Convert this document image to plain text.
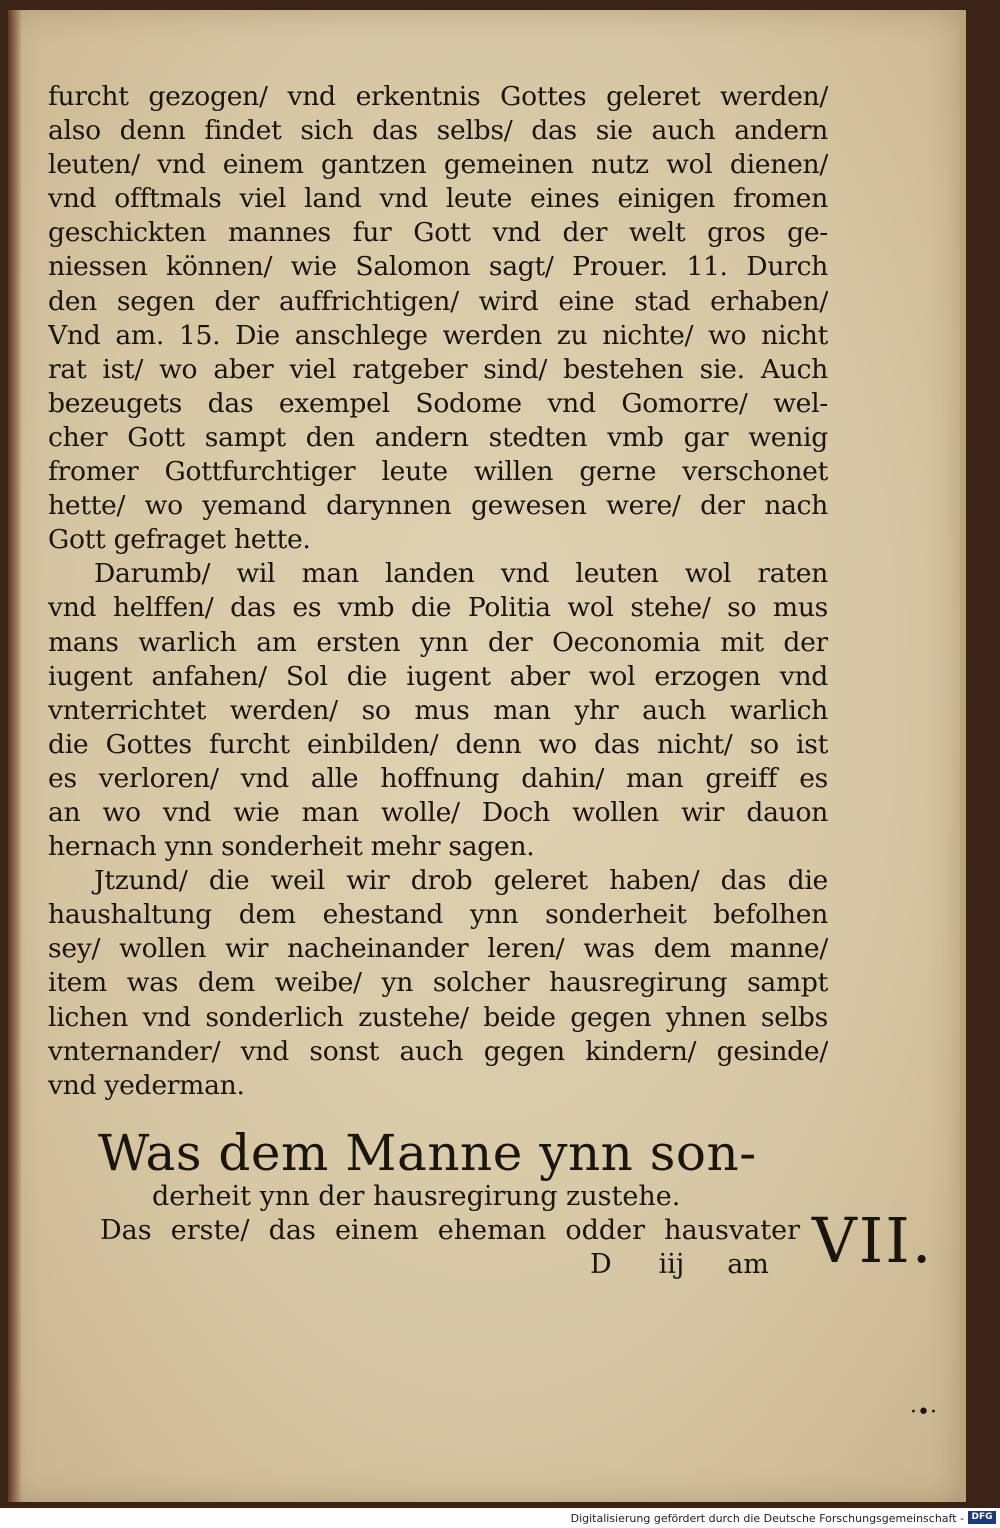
furcht gezogen/ vnd erkentnis Gottes geleret werden/
also denn findet sich das selbs/ das sie auch andern
leuten/ vnd einem gantzen gemeinen nutz wol dienen/
vnd offtmals viel land vnd leute eines einigen fromen
geschickten mannes fur Gott vnd der welt gros ge-
niessen können/ wie Salomon sagt/ Prouer. 11. Durch
den segen der auffrichtigen/ wird eine stad erhaben/
Vnd am. 15. Die anschlege werden zu nichte/ wo nicht
rat ist/ wo aber viel ratgeber sind/ bestehen sie. Auch
bezeugets das exempel Sodome vnd Gomorre/ wel-
cher Gott sampt den andern stedten vmb gar wenig
fromer Gottfurchtiger leute willen gerne verschonet
hette/ wo yemand darynnen gewesen were/ der nach
Gott gefraget hette.
Darumb/ wil man landen vnd leuten wol raten
vnd helffen/ das es vmb die Politia wol stehe/ so mus
mans warlich am ersten ynn der Oeconomia mit der
iugent anfahen/ Sol die iugent aber wol erzogen vnd
vnterrichtet werden/ so mus man yhr auch warlich
die Gottes furcht einbilden/ denn wo das nicht/ so ist
es verloren/ vnd alle hoffnung dahin/ man greiff es
an wo vnd wie man wolle/ Doch wollen wir dauon
hernach ynn sonderheit mehr sagen.
Jtzund/ die weil wir drob geleret haben/ das die
haushaltung dem ehestand ynn sonderheit befolhen
sey/ wollen wir nacheinander leren/ was dem manne/
item was dem weibe/ yn solcher hausregirung sampt
lichen vnd sonderlich zustehe/ beide gegen yhnen selbs
vnternander/ vnd sonst auch gegen kindern/ gesinde/
vnd yederman.
Was dem Manne ynn son-
derheit ynn der hausregirung zustehe.
Das erste/ das einem eheman odder hausvater
D iij am VII.
·•·
Digitalisierung gefördert durch die Deutsche Forschungsgemeinschaft - DFG
